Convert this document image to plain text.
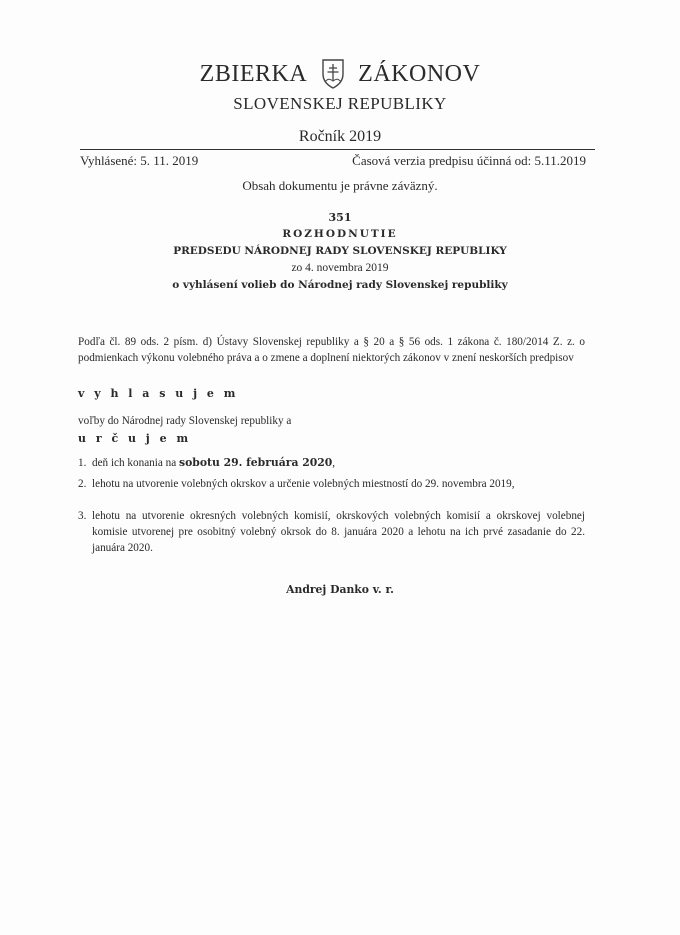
ZBIERKA ZÁKONOV
SLOVENSKEJ REPUBLIKY
Ročník 2019
Vyhlásené: 5. 11. 2019	Časová verzia predpisu účinná od: 5.11.2019
Obsah dokumentu je právne záväzný.
351
ROZHODNUTIE
PREDSEDU NÁRODNEJ RADY SLOVENSKEJ REPUBLIKY
zo 4. novembra 2019
o vyhlásení volieb do Národnej rady Slovenskej republiky
Podľa čl. 89 ods. 2 písm. d) Ústavy Slovenskej republiky a § 20 a § 56 ods. 1 zákona č. 180/2014 Z. z. o podmienkach výkonu volebného práva a o zmene a doplnení niektorých zákonov v znení neskorších predpisov
v y h l a s u j e m
voľby do Národnej rady Slovenskej republiky a
u r č u j e m
1. deň ich konania na sobotu 29. februára 2020,
2. lehotu na utvorenie volebných okrskov a určenie volebných miestností do 29. novembra 2019,
3. lehotu na utvorenie okresných volebných komisií, okrskových volebných komisií a okrskovej volebnej komisie utvorenej pre osobitný volebný okrsok do 8. januára 2020 a lehotu na ich prvé zasadanie do 22. januára 2020.
Andrej Danko v. r.
